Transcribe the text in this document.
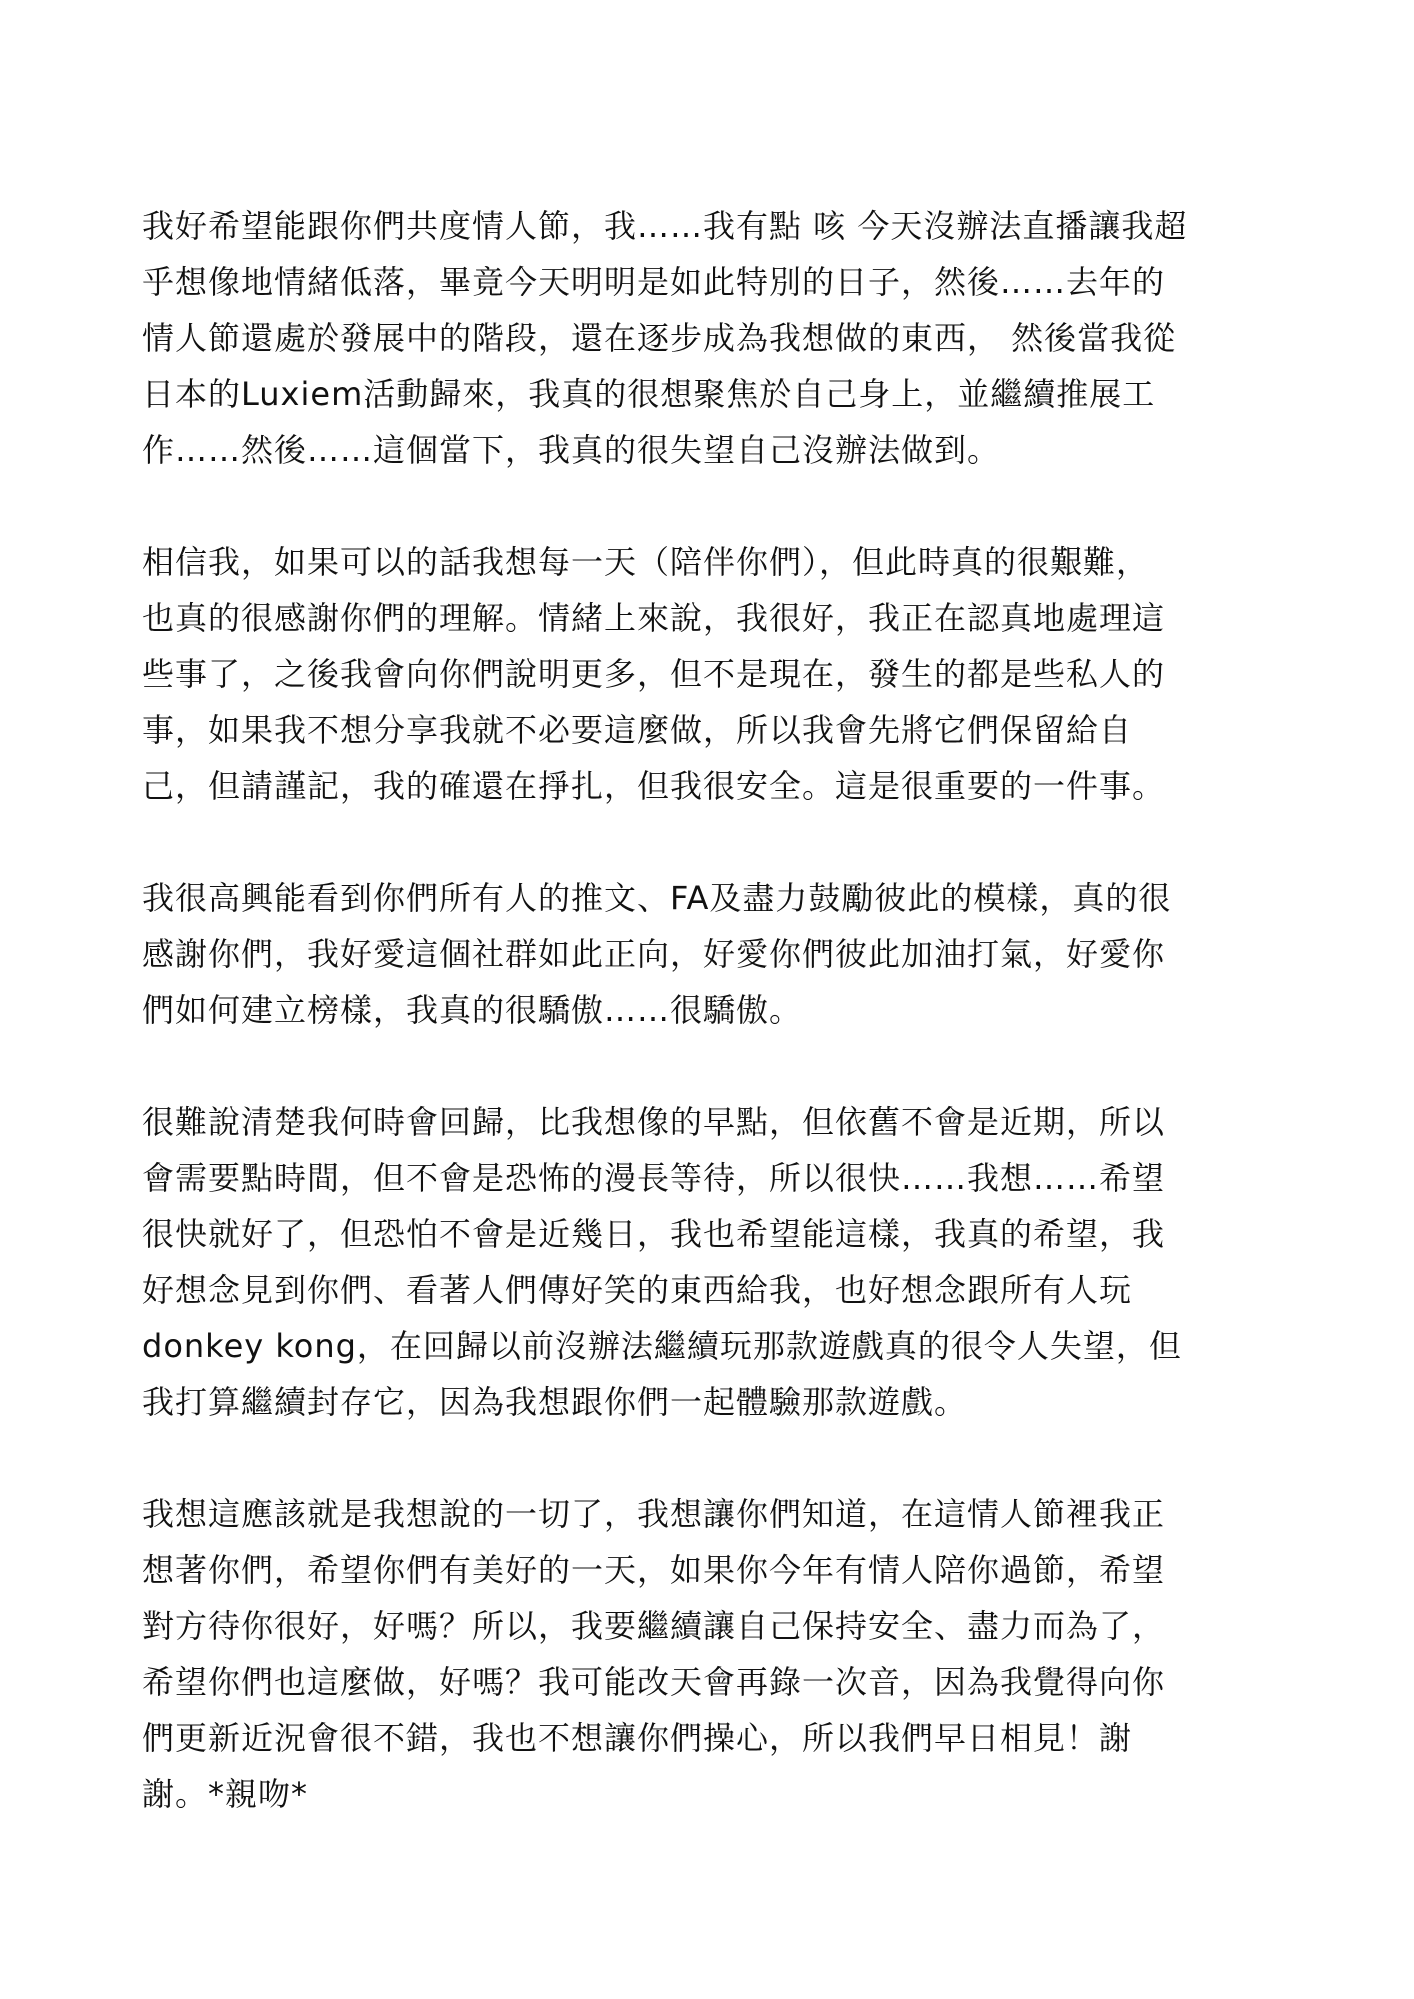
我好希望能跟你們共度情人節，我……我有點 咳 今天沒辦法直播讓我超
乎想像地情緒低落，畢竟今天明明是如此特別的日子，然後……去年的
情人節還處於發展中的階段，還在逐步成為我想做的東西， 然後當我從
日本的Luxiem活動歸來，我真的很想聚焦於自己身上，並繼續推展工
作……然後……這個當下，我真的很失望自己沒辦法做到。

相信我，如果可以的話我想每一天（陪伴你們），但此時真的很艱難，
也真的很感謝你們的理解。情緒上來說，我很好，我正在認真地處理這
些事了，之後我會向你們說明更多，但不是現在，發生的都是些私人的
事，如果我不想分享我就不必要這麼做，所以我會先將它們保留給自
己，但請謹記，我的確還在掙扎，但我很安全。這是很重要的一件事。

我很高興能看到你們所有人的推文、FA及盡力鼓勵彼此的模樣，真的很
感謝你們，我好愛這個社群如此正向，好愛你們彼此加油打氣，好愛你
們如何建立榜樣，我真的很驕傲……很驕傲。

很難說清楚我何時會回歸，比我想像的早點，但依舊不會是近期，所以
會需要點時間，但不會是恐怖的漫長等待，所以很快……我想……希望
很快就好了，但恐怕不會是近幾日，我也希望能這樣，我真的希望，我
好想念見到你們、看著人們傳好笑的東西給我，也好想念跟所有人玩
donkey kong，在回歸以前沒辦法繼續玩那款遊戲真的很令人失望，但
我打算繼續封存它，因為我想跟你們一起體驗那款遊戲。

我想這應該就是我想說的一切了，我想讓你們知道，在這情人節裡我正
想著你們，希望你們有美好的一天，如果你今年有情人陪你過節，希望
對方待你很好，好嗎？所以，我要繼續讓自己保持安全、盡力而為了，
希望你們也這麼做，好嗎？我可能改天會再錄一次音，因為我覺得向你
們更新近況會很不錯，我也不想讓你們操心，所以我們早日相見！謝
謝。*親吻*
